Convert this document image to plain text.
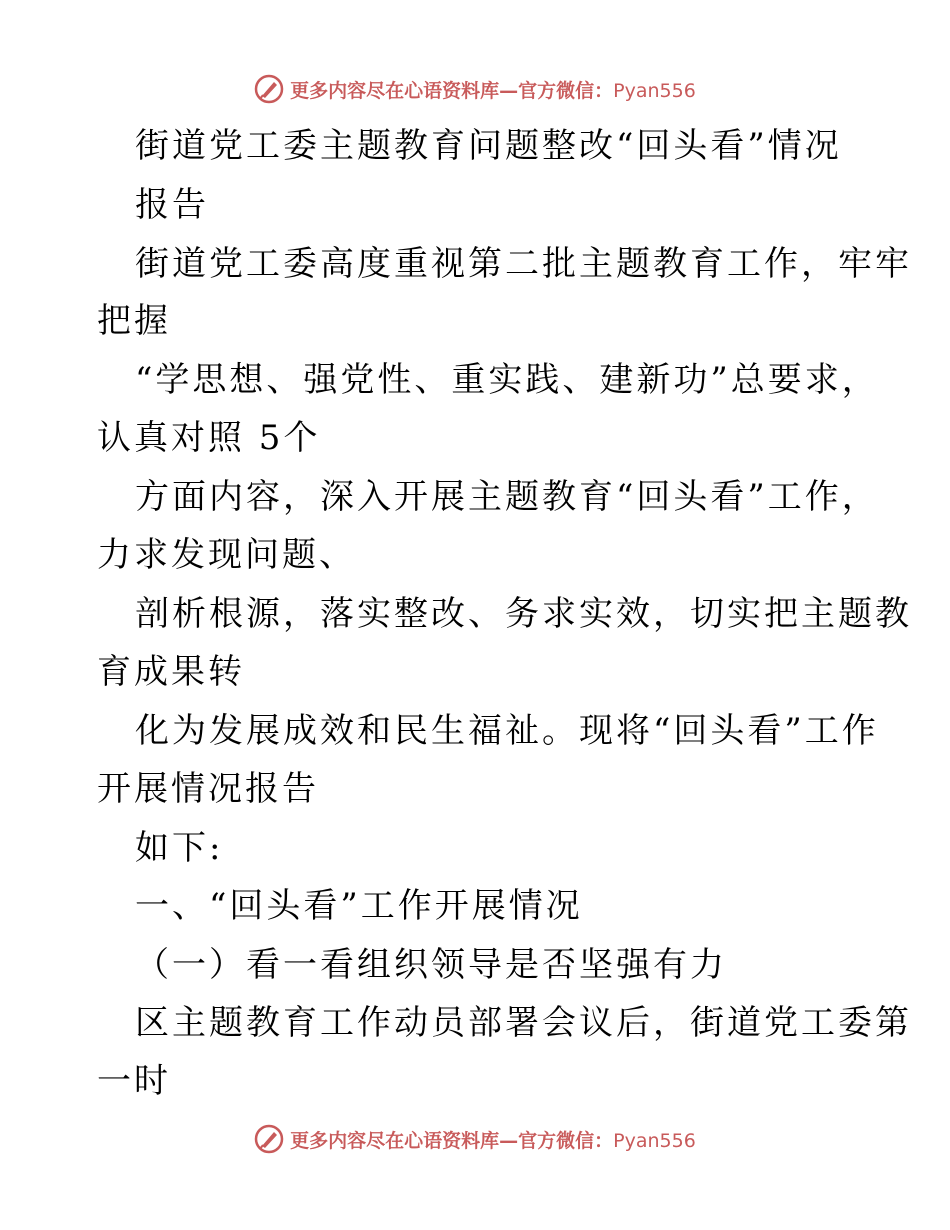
更多内容尽在心语资料库—官方微信：Pyan556
街道党工委主题教育问题整改“回头看”情况
报告
街道党工委高度重视第二批主题教育工作，牢牢
把握
“学思想、强党性、重实践、建新功”总要求，
认真对照 5个
方面内容，深入开展主题教育“回头看”工作，
力求发现问题、
剖析根源，落实整改、务求实效，切实把主题教
育成果转
化为发展成效和民生福祉。现将“回头看”工作
开展情况报告
如下:
一、“回头看”工作开展情况
（一）看一看组织领导是否坚强有力
区主题教育工作动员部署会议后，街道党工委第
一时
更多内容尽在心语资料库—官方微信：Pyan556
